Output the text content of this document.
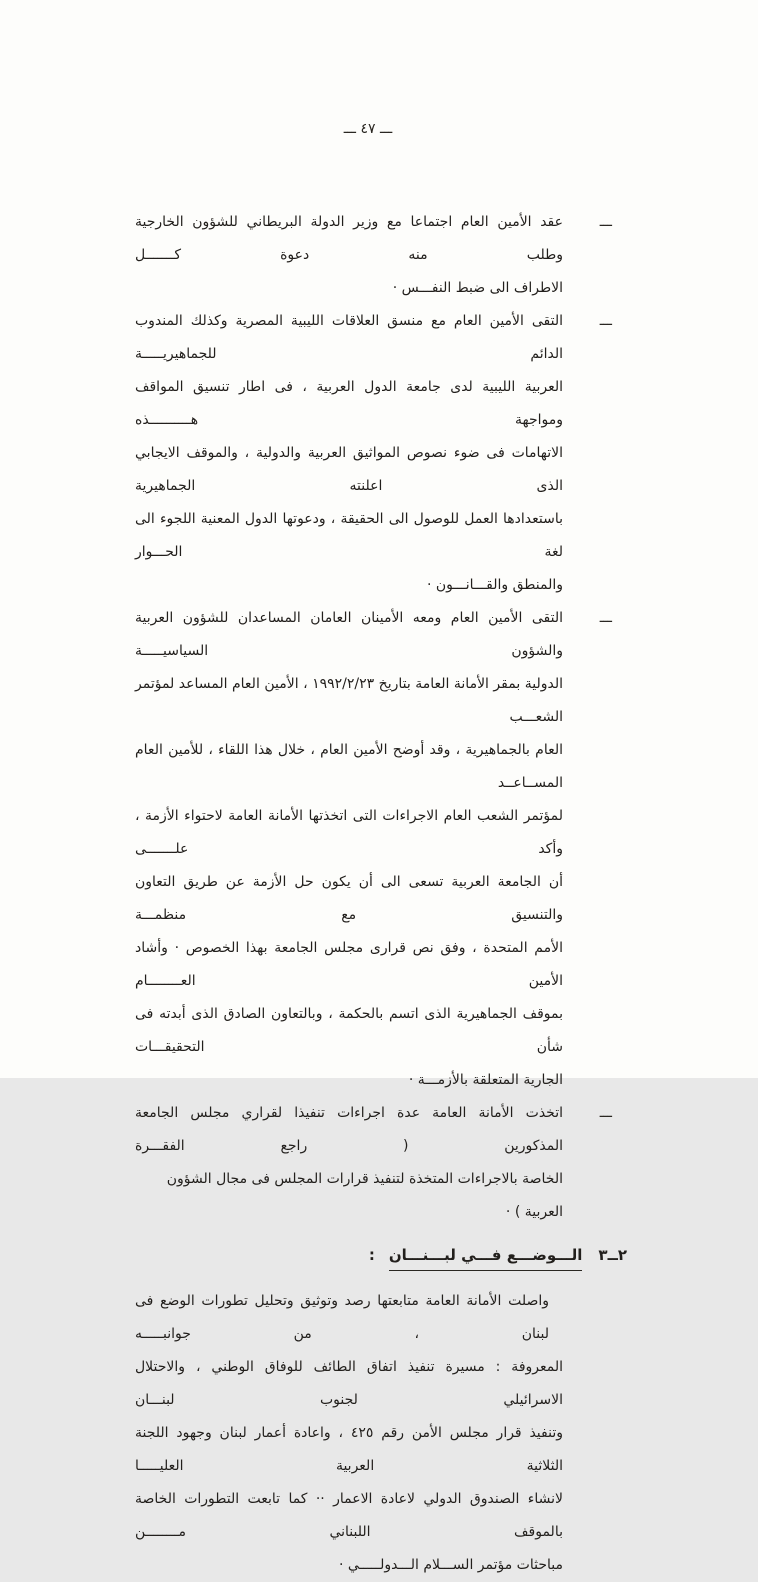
ـــ ٤٧ ـــ
ـــ
عقد الأمين العام اجتماعا مع وزير الدولة البريطاني للشؤون الخارجية وطلب منه دعوة كـــــــل
الاطراف الى ضبط النفـــس ·
ـــ
التقى الأمين العام مع منسق العلاقات الليبية المصرية وكذلك المندوب الدائم للجماهيريـــــة
العربية الليبية لدى جامعة الدول العربية ، فى اطار تنسيق المواقف ومواجهة هــــــــــذه
الاتهامات فى ضوء نصوص المواثيق العربية والدولية ، والموقف الايجابي الذى اعلنته الجماهيرية
باستعدادها العمل للوصول الى الحقيقة ، ودعوتها الدول المعنية اللجوء الى لغة الحـــوار
والمنطق والقـــانـــون ·
ـــ
التقى الأمين العام ومعه الأمينان العامان المساعدان للشؤون العربية والشؤون السياسيـــــة
الدولية بمقر الأمانة العامة بتاريخ ١٩٩٢/٢/٢٣ ، الأمين العام المساعد لمؤتمر الشعـــب
العام بالجماهيرية ، وقد أوضح الأمين العام ، خلال هذا اللقاء ، للأمين العام المســاعــد
لمؤتمر الشعب العام الاجراءات التى اتخذتها الأمانة العامة لاحتواء الأزمة ، وأكد علـــــــى
أن الجامعة العربية تسعى الى أن يكون حل الأزمة عن طريق التعاون والتنسيق مع منظمـــة
الأمم المتحدة ، وفق نص قرارى مجلس الجامعة بهذا الخصوص · وأشاد الأمين العــــــــام
بموقف الجماهيرية الذى اتسم بالحكمة ، وبالتعاون الصادق الذى أبدته فى شأن التحقيقـــات
الجارية المتعلقة بالأزمـــة ·
ـــ
اتخذت الأمانة العامة عدة اجراءات تنفيذا لقراري مجلس الجامعة المذكورين ( راجع الفقـــرة
الخاصة بالاجراءات المتخذة لتنفيذ قرارات المجلس فى مجال الشؤون العربية ) ·
٢ــ٣الـــوضـــع فـــي لبـــنـــان:
واصلت الأمانة العامة متابعتها رصد وتوثيق وتحليل تطورات الوضع فى لبنان ، من جوانبـــــه
المعروفة : مسيرة تنفيذ اتفاق الطائف للوفاق الوطني ، والاحتلال الاسرائيلي لجنوب لبنـــان
وتنفيذ قرار مجلس الأمن رقم ٤٢٥ ، واعادة أعمار لبنان وجهود اللجنة الثلاثية العربية العليـــــا
لانشاء الصندوق الدولي لاعادة الاعمار ·· كما تابعت التطورات الخاصة بالموقف اللبناني مــــــــن
مباحثات مؤتمر الســـلام الـــدولـــــي ·
